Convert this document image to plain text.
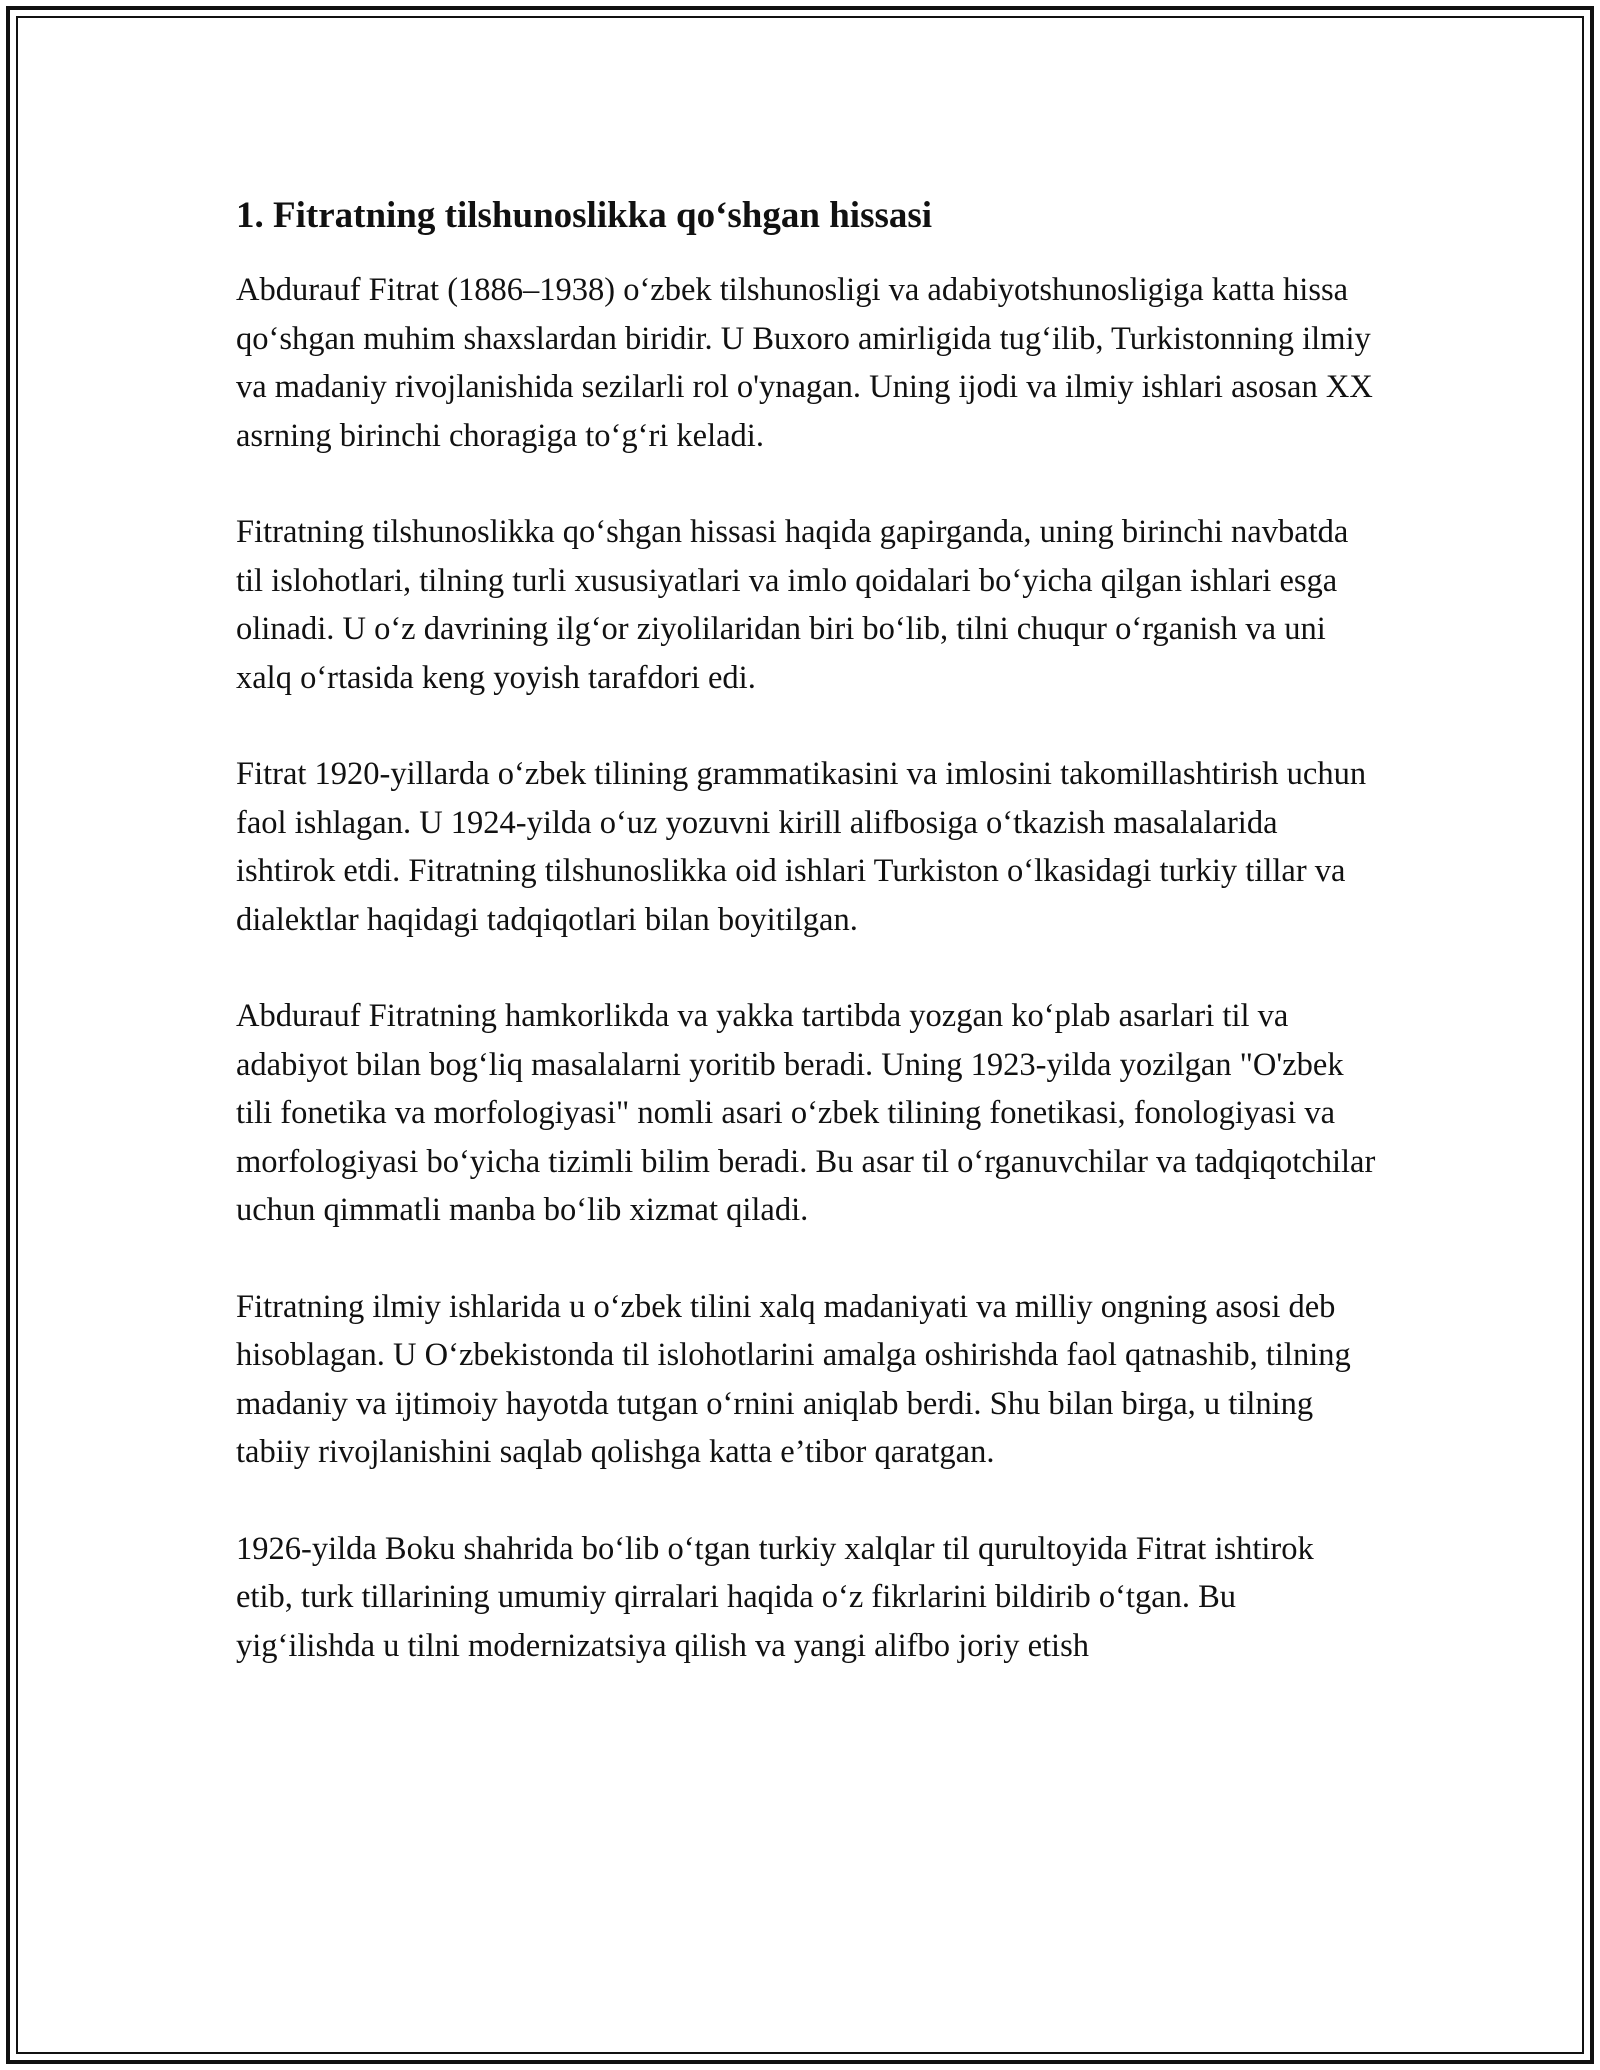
1. Fitratning tilshunoslikka qo‘shgan hissasi

Abdurauf Fitrat (1886–1938) o‘zbek tilshunosligi va adabiyotshunosligiga katta hissa qo‘shgan muhim shaxslardan biridir. U Buxoro amirligida tug‘ilib, Turkistonning ilmiy va madaniy rivojlanishida sezilarli rol o'ynagan. Uning ijodi va ilmiy ishlari asosan XX asrning birinchi choragiga to‘g‘ri keladi.

Fitratning tilshunoslikka qo‘shgan hissasi haqida gapirganda, uning birinchi navbatda til islohotlari, tilning turli xususiyatlari va imlo qoidalari bo‘yicha qilgan ishlari esga olinadi. U o‘z davrining ilg‘or ziyolilaridan biri bo‘lib, tilni chuqur o‘rganish va uni xalq o‘rtasida keng yoyish tarafdori edi.

Fitrat 1920-yillarda o‘zbek tilining grammatikasini va imlosini takomillashtirish uchun faol ishlagan. U 1924-yilda o‘uz yozuvni kirill alifbosiga o‘tkazish masalalarida ishtirok etdi. Fitratning tilshunoslikka oid ishlari Turkiston o‘lkasidagi turkiy tillar va dialektlar haqidagi tadqiqotlari bilan boyitilgan.

Abdurauf Fitratning hamkorlikda va yakka tartibda yozgan ko‘plab asarlari til va adabiyot bilan bog‘liq masalalarni yoritib beradi. Uning 1923-yilda yozilgan "O'zbek tili fonetika va morfologiyasi" nomli asari o‘zbek tilining fonetikasi, fonologiyasi va morfologiyasi bo‘yicha tizimli bilim beradi. Bu asar til o‘rganuvchilar va tadqiqotchilar uchun qimmatli manba bo‘lib xizmat qiladi.

Fitratning ilmiy ishlarida u o‘zbek tilini xalq madaniyati va milliy ongning asosi deb hisoblagan. U O‘zbekistonda til islohotlarini amalga oshirishda faol qatnashib, tilning madaniy va ijtimoiy hayotda tutgan o‘rnini aniqlab berdi. Shu bilan birga, u tilning tabiiy rivojlanishini saqlab qolishga katta e’tibor qaratgan.

1926-yilda Boku shahrida bo‘lib o‘tgan turkiy xalqlar til qurultoyida Fitrat ishtirok etib, turk tillarining umumiy qirralari haqida o‘z fikrlarini bildirib o‘tgan. Bu yig‘ilishda u tilni modernizatsiya qilish va yangi alifbo joriy etish
